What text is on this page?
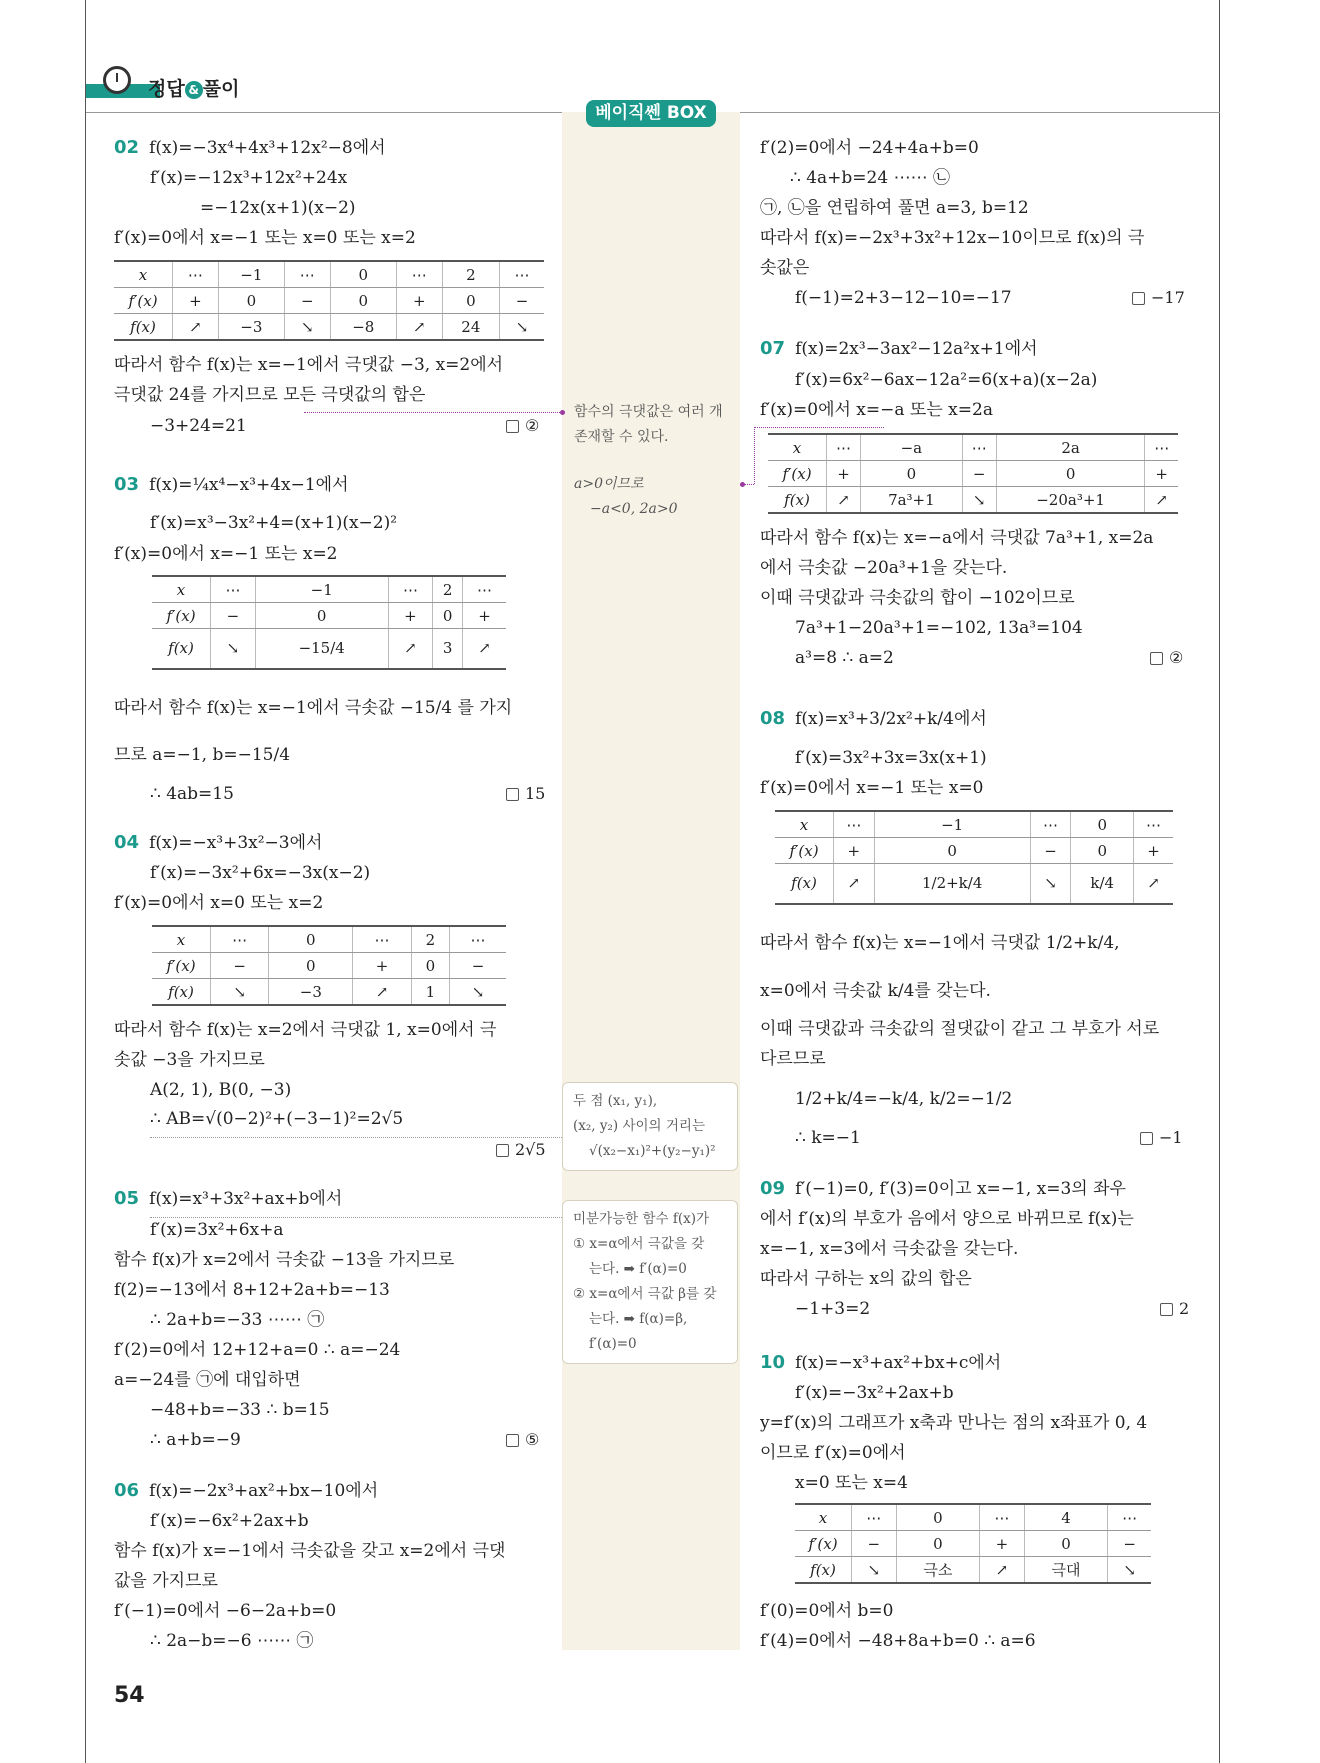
정답 & 풀이
베이직쎈 BOX
함수의 극댓값은 여러 개
존재할 수 있다.
a>0이므로
−a<0, 2a>0
두 점 (x₁, y₁),
(x₂, y₂) 사이의 거리는
√(x₂−x₁)²+(y₂−y₁)²
미분가능한 함수 f(x)가
① x=α에서 극값을 갖
는다. ➡ f′(α)=0
② x=α에서 극값 β를 갖
는다. ➡ f(α)=β,
f′(α)=0
02 f(x)=−3x⁴+4x³+12x²−8에서
f′(x)=−12x³+12x²+24x
=−12x(x+1)(x−2)
f′(x)=0에서 x=−1 또는 x=0 또는 x=2
x	⋯	−1	⋯	0	⋯	2	⋯
f′(x)	+	0	−	0	+	0	−
f(x)	↗	−3	↘	−8	↗	24	↘
따라서 함수 f(x)는 x=−1에서 극댓값 −3, x=2에서
극댓값 24를 가지므로 모든 극댓값의 합은
−3+24=21	②
03 f(x)=¼x⁴−x³+4x−1에서
f′(x)=x³−3x²+4=(x+1)(x−2)²
f′(x)=0에서 x=−1 또는 x=2
x	⋯	−1	⋯	2	⋯
f′(x)	−	0	+	0	+
f(x)	↘	−15/4	↗	3	↗
따라서 함수 f(x)는 x=−1에서 극솟값 −15/4 를 가지
므로 a=−1, b=−15/4
∴ 4ab=15	15
04 f(x)=−x³+3x²−3에서
f′(x)=−3x²+6x=−3x(x−2)
f′(x)=0에서 x=0 또는 x=2
x	⋯	0	⋯	2	⋯
f′(x)	−	0	+	0	−
f(x)	↘	−3	↗	1	↘
따라서 함수 f(x)는 x=2에서 극댓값 1, x=0에서 극
솟값 −3을 가지므로
A(2, 1), B(0, −3)
∴ AB=√(0−2)²+(−3−1)²=2√5
2√5
05 f(x)=x³+3x²+ax+b에서
f′(x)=3x²+6x+a
함수 f(x)가 x=2에서 극솟값 −13을 가지므로
f(2)=−13에서 8+12+2a+b=−13
∴ 2a+b=−33 ⋯⋯ ㉠
f′(2)=0에서 12+12+a=0 ∴ a=−24
a=−24를 ㉠에 대입하면
−48+b=−33 ∴ b=15
∴ a+b=−9	⑤
06 f(x)=−2x³+ax²+bx−10에서
f′(x)=−6x²+2ax+b
함수 f(x)가 x=−1에서 극솟값을 갖고 x=2에서 극댓
값을 가지므로
f′(−1)=0에서 −6−2a+b=0
∴ 2a−b=−6 ⋯⋯ ㉠
f′(2)=0에서 −24+4a+b=0
∴ 4a+b=24 ⋯⋯ ㉡
㉠, ㉡을 연립하여 풀면 a=3, b=12
따라서 f(x)=−2x³+3x²+12x−10이므로 f(x)의 극
솟값은
f(−1)=2+3−12−10=−17	−17
07 f(x)=2x³−3ax²−12a²x+1에서
f′(x)=6x²−6ax−12a²=6(x+a)(x−2a)
f′(x)=0에서 x=−a 또는 x=2a
x	⋯	−a	⋯	2a	⋯
f′(x)	+	0	−	0	+
f(x)	↗	7a³+1	↘	−20a³+1	↗
따라서 함수 f(x)는 x=−a에서 극댓값 7a³+1, x=2a
에서 극솟값 −20a³+1을 갖는다.
이때 극댓값과 극솟값의 합이 −102이므로
7a³+1−20a³+1=−102, 13a³=104
a³=8 ∴ a=2	②
08 f(x)=x³+3/2x²+k/4에서
f′(x)=3x²+3x=3x(x+1)
f′(x)=0에서 x=−1 또는 x=0
x	⋯	−1	⋯	0	⋯
f′(x)	+	0	−	0	+
f(x)	↗	1/2+k/4	↘	k/4	↗
따라서 함수 f(x)는 x=−1에서 극댓값 1/2+k/4,
x=0에서 극솟값 k/4를 갖는다.
이때 극댓값과 극솟값의 절댓값이 같고 그 부호가 서로
다르므로
1/2+k/4=−k/4, k/2=−1/2
∴ k=−1	−1
09 f′(−1)=0, f′(3)=0이고 x=−1, x=3의 좌우
에서 f′(x)의 부호가 음에서 양으로 바뀌므로 f(x)는
x=−1, x=3에서 극솟값을 갖는다.
따라서 구하는 x의 값의 합은
−1+3=2	2
10 f(x)=−x³+ax²+bx+c에서
f′(x)=−3x²+2ax+b
y=f′(x)의 그래프가 x축과 만나는 점의 x좌표가 0, 4
이므로 f′(x)=0에서
x=0 또는 x=4
x	⋯	0	⋯	4	⋯
f′(x)	−	0	+	0	−
f(x)	↘	극소	↗	극대	↘
f′(0)=0에서 b=0
f′(4)=0에서 −48+8a+b=0 ∴ a=6
54
